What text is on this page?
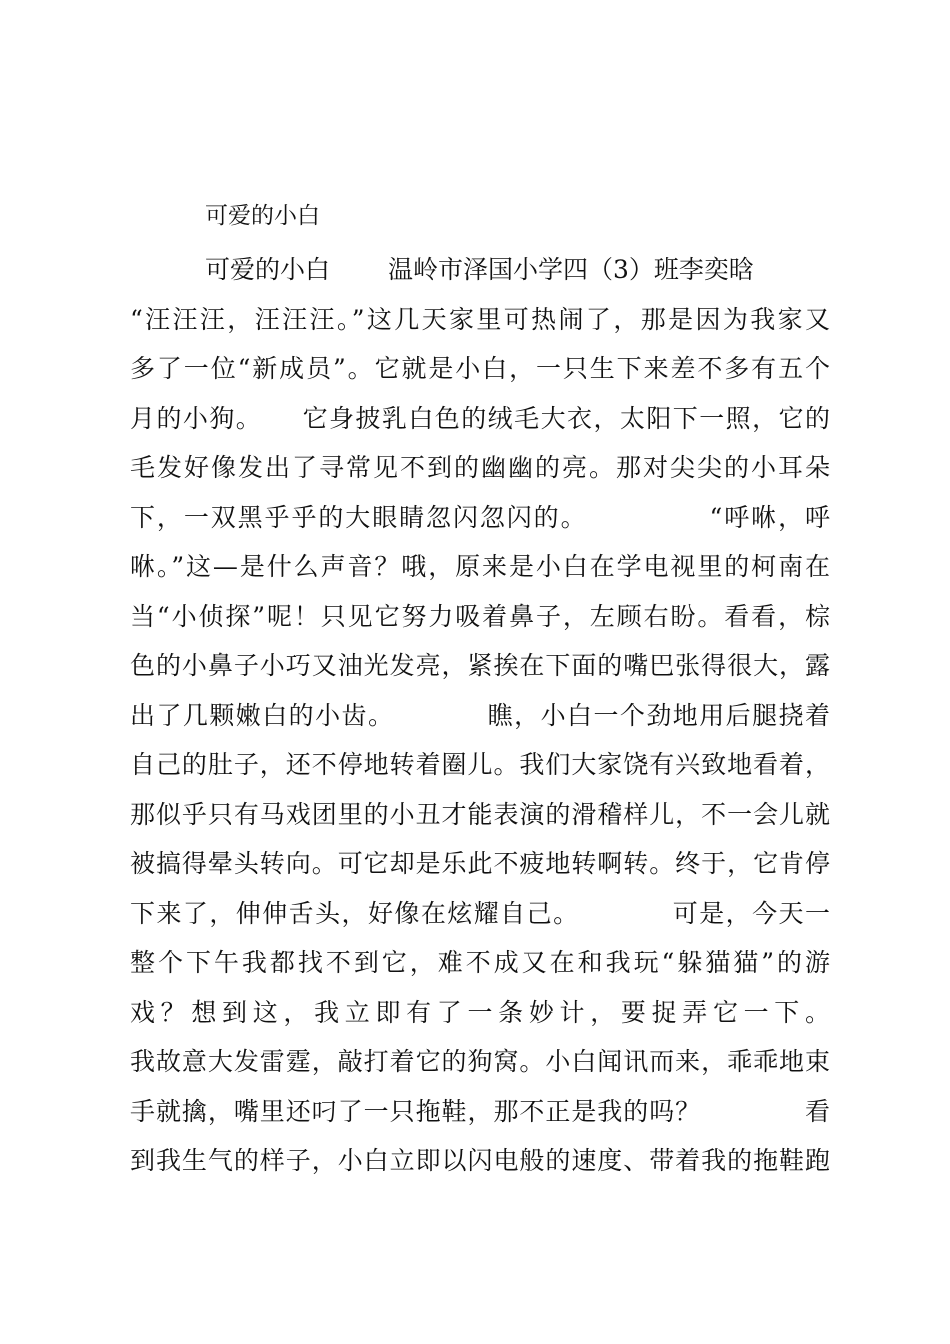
可爱的小白
可爱的小白 温岭市泽国小学四（3）班李奕晗
“汪汪汪，汪汪汪。”这几天家里可热闹了，那是因为我家又
多了一位“新成员”。它就是小白，一只生下来差不多有五个
月的小狗。　　它身披乳白色的绒毛大衣，太阳下一照，它的
毛发好像发出了寻常见不到的幽幽的亮。那对尖尖的小耳朵
下，一双黑乎乎的大眼睛忽闪忽闪的。　　　　　“呼咻，呼
咻。”这—是什么声音？哦，原来是小白在学电视里的柯南在
当“小侦探”呢！只见它努力吸着鼻子，左顾右盼。看看，棕
色的小鼻子小巧又油光发亮，紧挨在下面的嘴巴张得很大，露
出了几颗嫩白的小齿。　　　　瞧，小白一个劲地用后腿挠着
自己的肚子，还不停地转着圈儿。我们大家饶有兴致地看着，
那似乎只有马戏团里的小丑才能表演的滑稽样儿，不一会儿就
被搞得晕头转向。可它却是乐此不疲地转啊转。终于，它肯停
下来了，伸伸舌头，好像在炫耀自己。　　　　可是，今天一
整个下午我都找不到它，难不成又在和我玩“躲猫猫”的游
戏？想到这，我立即有了一条妙计，要捉弄它一下。
我故意大发雷霆，敲打着它的狗窝。小白闻讯而来，乖乖地束
手就擒，嘴里还叼了一只拖鞋，那不正是我的吗？　　　　看
到我生气的样子，小白立即以闪电般的速度、带着我的拖鞋跑
